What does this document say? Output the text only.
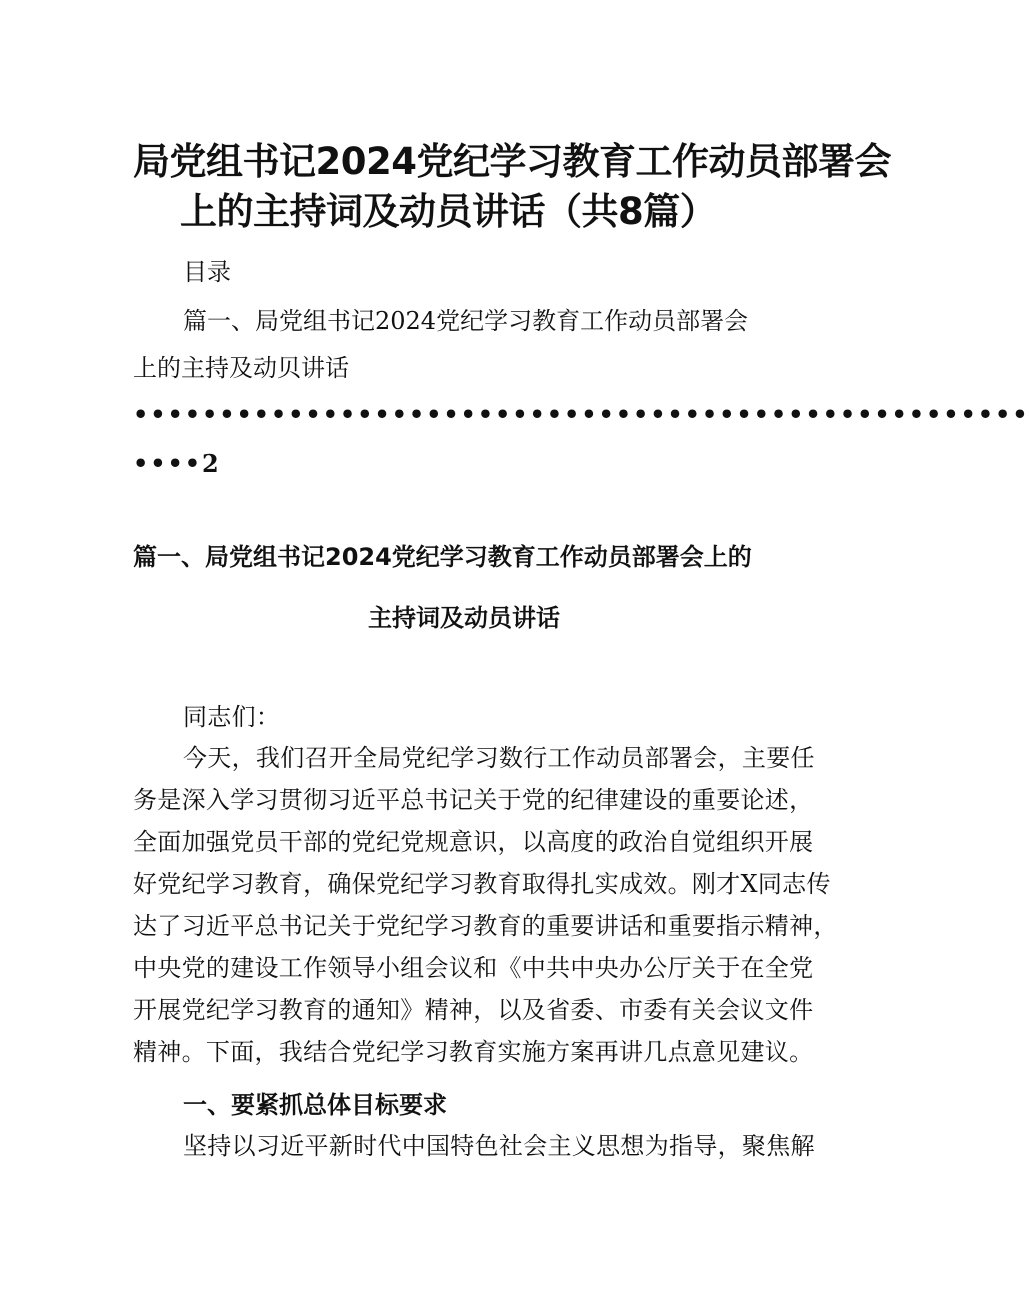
局党组书记2024党纪学习教育工作动员部署会
上的主持词及动员讲话（共8篇）
目录
篇一、局党组书记2024党纪学习教育工作动员部署会
上的主持及动贝讲话
••••••••••••••••••••••••••••••••••••••••••••••••••••
••••2
篇一、局党组书记2024党纪学习教育工作动员部署会上的
主持词及动员讲话
同志们：
今天，我们召开全局党纪学习数行工作动员部署会，主要任
务是深入学习贯彻习近平总书记关于党的纪律建设的重要论述，
全面加强党员干部的党纪党规意识，以高度的政治自觉组织开展
好党纪学习教育，确保党纪学习教育取得扎实成效。刚才X同志传
达了习近平总书记关于党纪学习教育的重要讲话和重要指示精神，
中央党的建设工作领导小组会议和《中共中央办公厅关于在全党
开展党纪学习教育的通知》精神，以及省委、市委有关会议文件
精神。下面，我结合党纪学习教育实施方案再讲几点意见建议。
一、要紧抓总体目标要求
坚持以习近平新时代中国特色社会主义思想为指导，聚焦解
